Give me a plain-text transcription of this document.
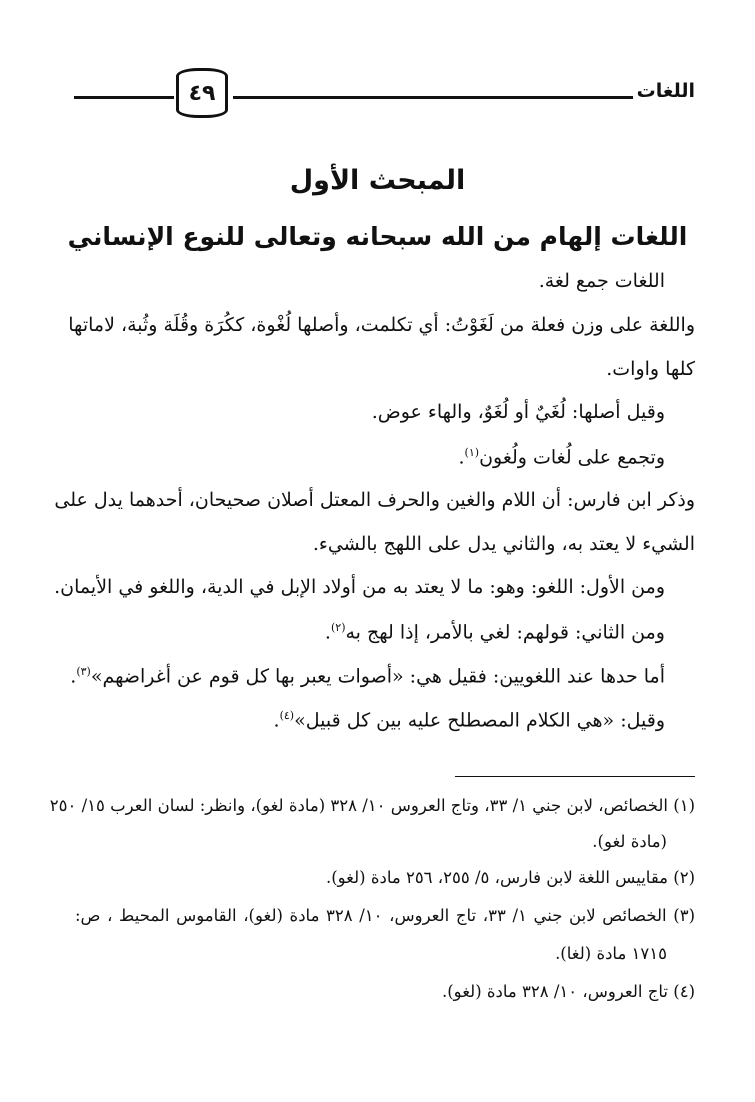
اللغات
٤٩
المبحث الأول
اللغات إلهام من الله سبحانه وتعالى للنوع الإنساني
اللغات جمع لغة.
واللغة على وزن فعلة من لَغَوْتُ: أي تكلمت، وأصلها لُغْوة، ككُرَة وقُلَة وثُبة، لاماتها
كلها واوات.
وقيل أصلها: لُغَيٌ أو لُغَوٌ، والهاء عوض.
وتجمع على لُغات ولُغون$^{(١)}$.
وذكر ابن فارس: أن اللام والغين والحرف المعتل أصلان صحيحان، أحدهما يدل على
الشيء لا يعتد به، والثاني يدل على اللهج بالشيء.
ومن الأول: اللغو: وهو: ما لا يعتد به من أولاد الإبل في الدية، واللغو في الأيمان.
ومن الثاني: قولهم: لغي بالأمر، إذا لهج به$^{(٢)}$.
أما حدها عند اللغويين: فقيل هي: «أصوات يعبر بها كل قوم عن أغراضهم»$^{(٣)}$.
وقيل: «هي الكلام المصطلح عليه بين كل قبيل»$^{(٤)}$.
(١) الخصائص، لابن جني ١/ ٣٣، وتاج العروس ١٠/ ٣٢٨ (مادة لغو)، وانظر: لسان العرب ١٥/ ٢٥٠
(مادة لغو).
(٢) مقاييس اللغة لابن فارس، ٥/ ٢٥٥، ٢٥٦ مادة (لغو).
(٣) الخصائص لابن جني ١/ ٣٣، تاج العروس، ١٠/ ٣٢٨ مادة (لغو)، القاموس المحيط ، ص:
١٧١٥ مادة (لغا).
(٤) تاج العروس، ١٠/ ٣٢٨ مادة (لغو).
